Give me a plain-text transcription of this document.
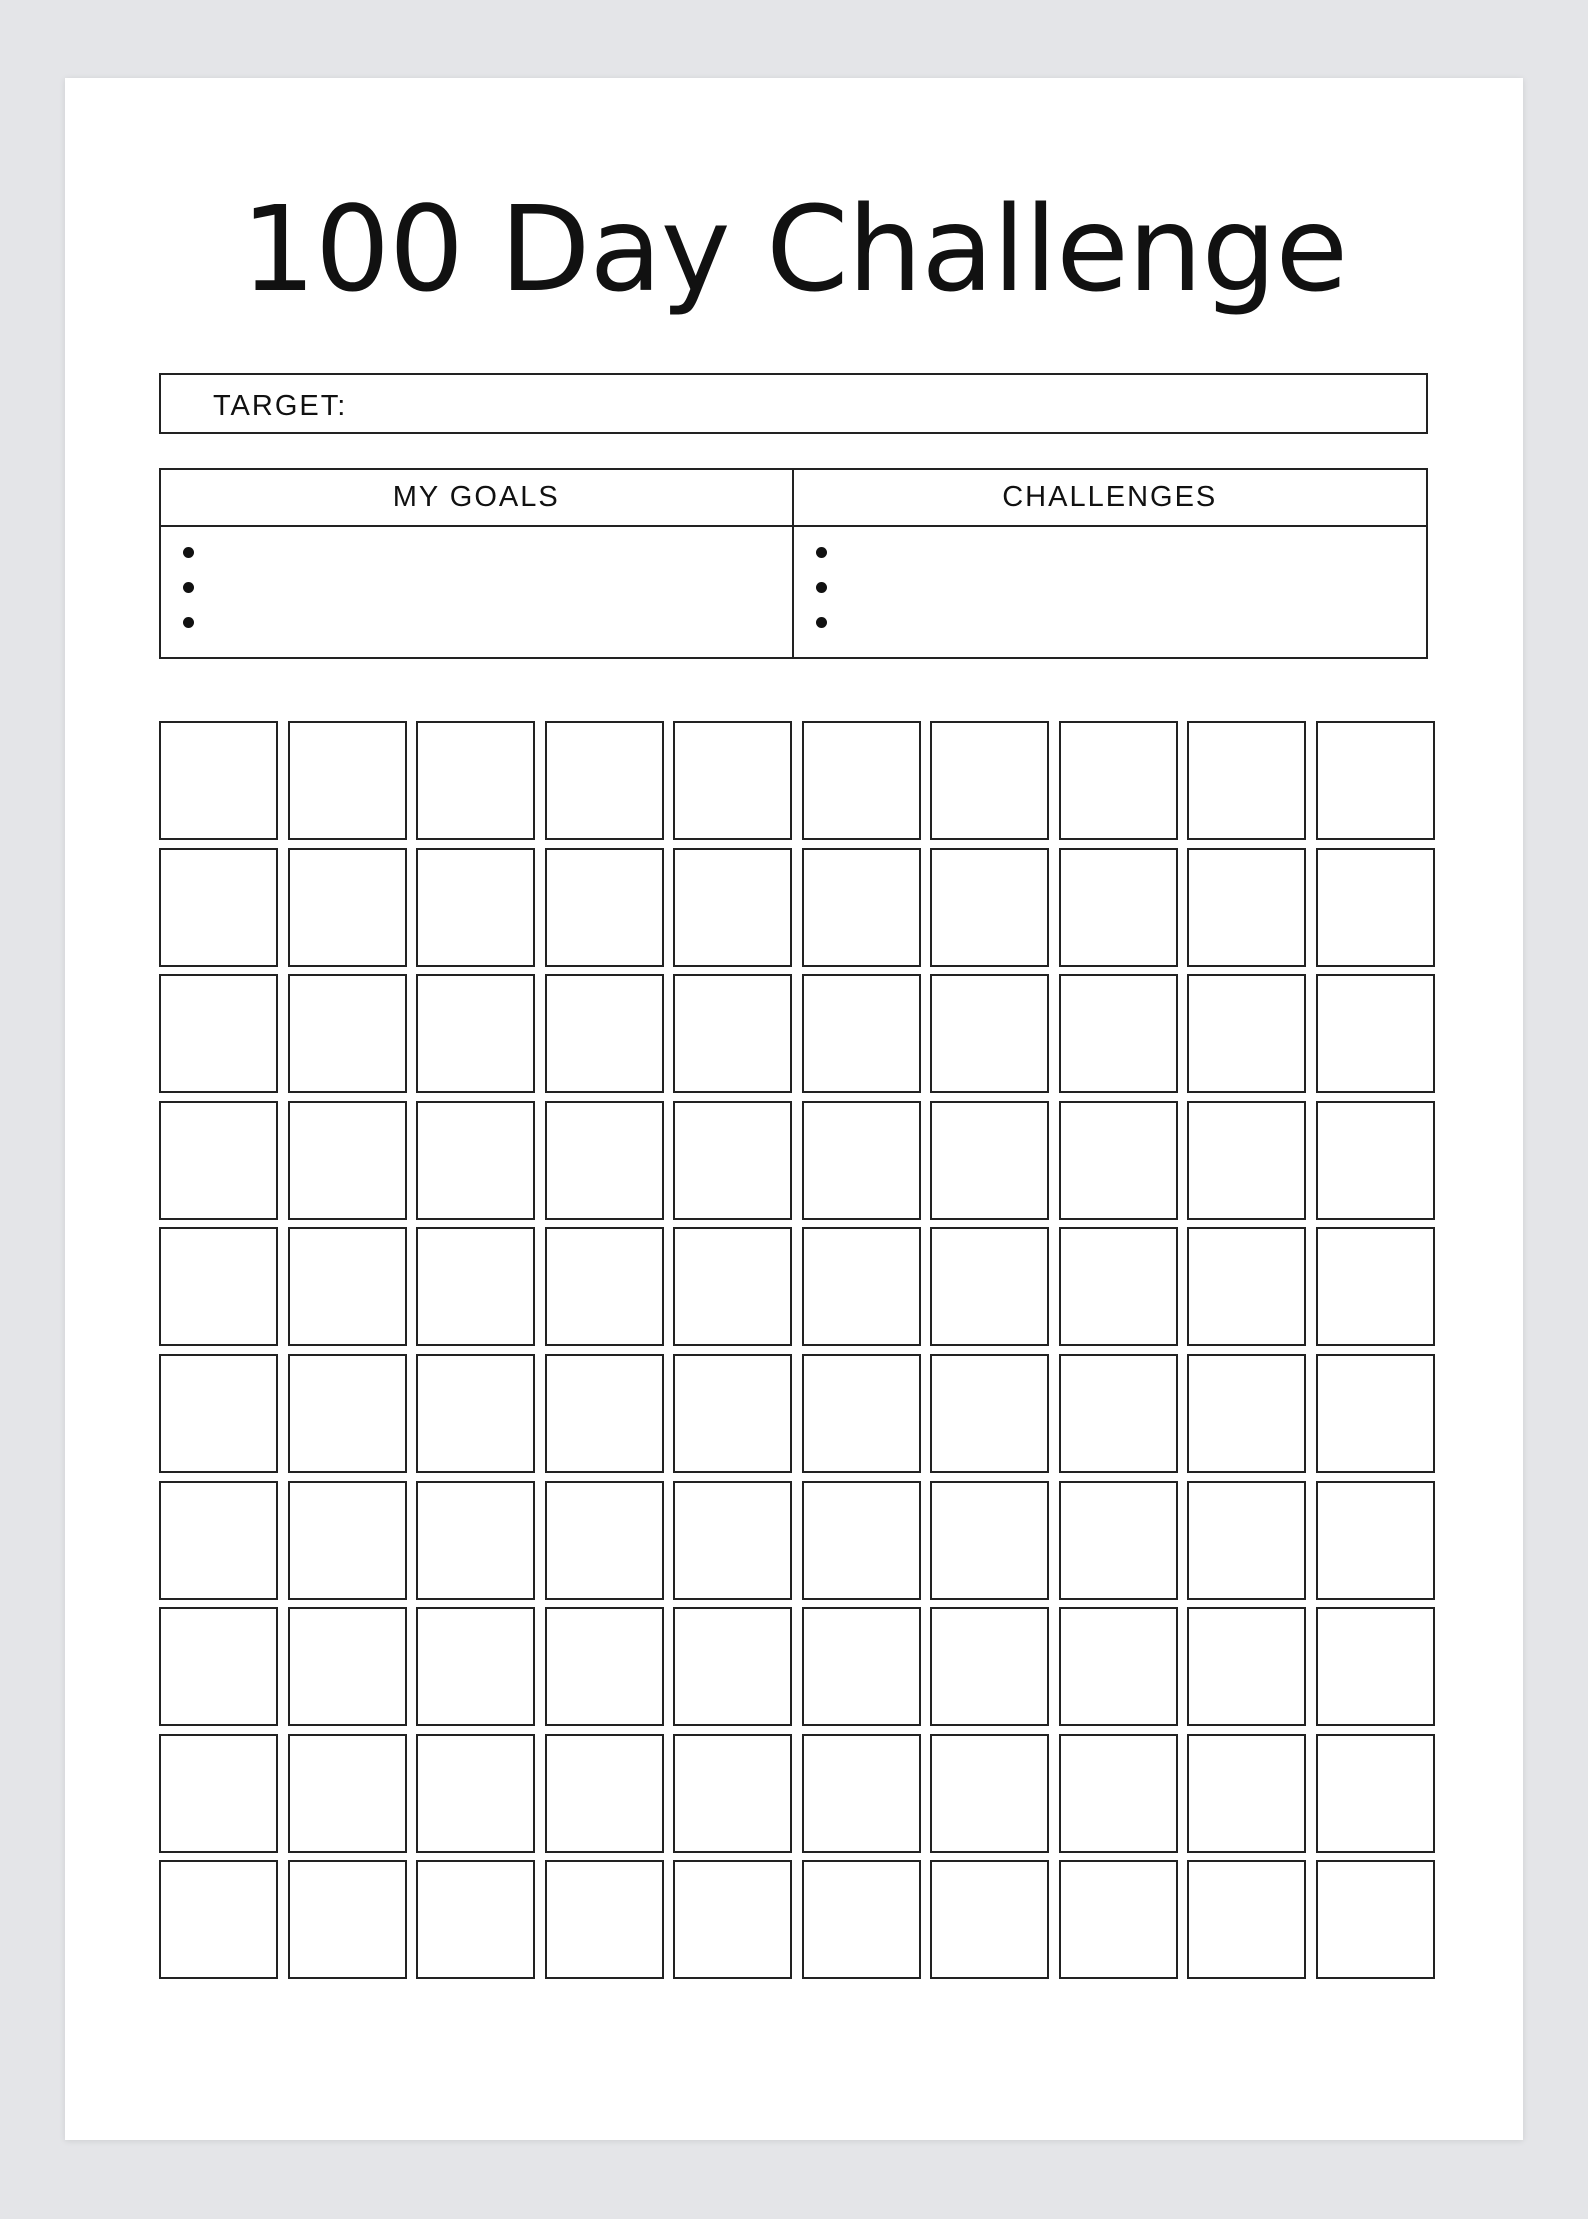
100 Day Challenge
TARGET:
MY GOALS	CHALLENGES
